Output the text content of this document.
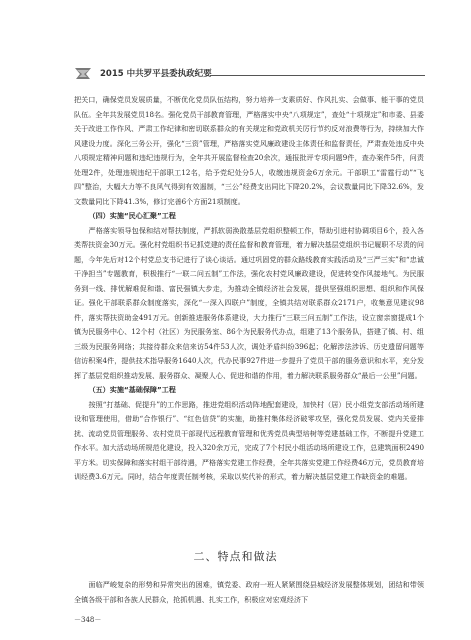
2015 中共罗平县委执政纪要

把关口，确保党员发展质量，不断优化党员队伍结构，努力培养一支素质好、作风扎实、会做事、能干事的党员队伍。全年共发展党员18名。强化党员干部教育管理，严格落实中央“八项规定”，查处“十项规定”和市委、县委关于改进工作作风、严肃工作纪律和密切联系群众的有关规定和党政机关厉行节约反对浪费等行为，持续加大作风建设力度。深化三务公开，强化“三资”管理，严格落实党风廉政建设主体责任和监督责任，严肃查处违反中央八项规定精神问题和违纪违规行为，全年共开展监督检查20余次，通报批评专项问题9件，查办案件5件，问责处理2件，处理违规违纪干部职工12名，给予党纪处分5人，收缴违规资金6万余元。干部职工“雷霆行动”“飞四”整治，大幅大力等不良风气得到有效遏制，“三公”经费支出同比下降20.2%，会议数量同比下降32.6%，发文数量同比下降41.3%，修订完善6个方面21项制度。

（四）实施“民心汇聚”工程

严格落实领导包保和结对帮扶制度，严抓软弱涣散基层党组织整顿工作，帮助引进村协调项目6个，投入各类帮扶资金30万元。强化村党组织书记抓党建的责任监督和教育管理，着力解决基层党组织书记履职不尽责的问题，今年先后对12个村党总支书记进行了谈心谈话。通过巩固党的群众路线教育实践活动及“三严三实”和“忠诚干净担当”专题教育，积极推行“一联二问五制”工作法，强化农村党风廉政建设，促进转变作风接地气。为民服务到一线、排忧解难促和谐、富民强镇大步走，为推动全镇经济社会发展，提供坚强组织思想、组织和作风保证。强化干部联系群众制度落实，深化“一深入四联户”制度，全镇共结对联系群众2171户，收集意见建议98件，落实帮扶资助金491万元。创新推进服务体系建设，大力推行“三联三问五制”工作法，设立窗亲窗提成1个镇为民服务中心、12个村（社区）为民服务室、86个为民服务代办点，组建了13个服务队，搭建了镇、村、组三级为民服务网络；共接待群众来信来访54件53人次，调处矛盾纠纷396起；化解涉法涉诉、历史遗留问题等信访积案4件，提供技术指导服务1640人次，代办民事927件进一步提升了党员干部的服务意识和水平，充分发挥了基层党组织推动发展、服务群众、凝聚人心、促进和谐的作用，着力解决联系服务群众“最后一公里”问题。

（五）实施“基础保障”工程

按照“打基础、促提升”的工作思路，推进党组织活动阵地配套建设，加快村（居）民小组党支部活动场所建设和管理使用，借助“合作银行”、“红色信贷”的实施，助推村集体经济破零攻坚，强化党员发展、党内关爱排扰、流动党员管理服务、农村党员干部现代远程教育管理和优秀党员典型培树等党建基础工作，不断提升党建工作水平。加大活动场所规范化建设，投入320余万元，完成了7个村民小组活动场所建设工作，总建筑面积2490平方米。切实保障和落实村组干部待遇，严格落实党建工作经费，全年共落实党建工作经费46万元，党员教育培训经费3.6万元。同时，结合年度责任制考核，采取以奖代补的形式，着力解决基层党建工作缺资金的难题。

二、特点和做法

面临严峻复杂的形势和异常突出的困难，镇党委、政府一班人紧紧围绕县城经济发展整体规划，团结和带领全镇各级干部和各族人民群众，抢抓机遇、扎实工作，积极应对宏观经济下

－348－
